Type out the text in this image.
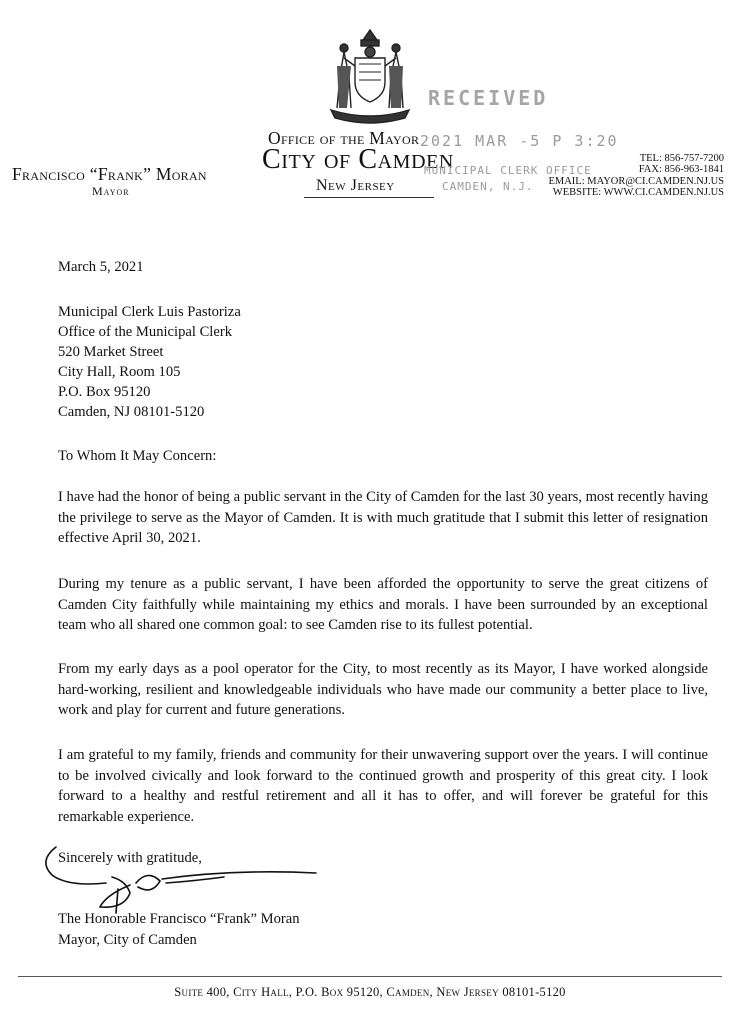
Office of the Mayor
City of Camden
New Jersey
Francisco “Frank” Moran
Mayor
TEL: 856-757-7200
FAX: 856-963-1841
EMAIL: MAYOR@CI.CAMDEN.NJ.US
WEBSITE: WWW.CI.CAMDEN.NJ.US
RECEIVED
2021 MAR -5 P 3:20
MUNICIPAL CLERK OFFICE
CAMDEN, N.J.
March 5, 2021
Municipal Clerk Luis Pastoriza
Office of the Municipal Clerk
520 Market Street
City Hall, Room 105
P.O. Box 95120
Camden, NJ 08101-5120
To Whom It May Concern:
I have had the honor of being a public servant in the City of Camden for the last 30 years, most recently having the privilege to serve as the Mayor of Camden. It is with much gratitude that I submit this letter of resignation effective April 30, 2021.
During my tenure as a public servant, I have been afforded the opportunity to serve the great citizens of Camden City faithfully while maintaining my ethics and morals. I have been surrounded by an exceptional team who all shared one common goal: to see Camden rise to its fullest potential.
From my early days as a pool operator for the City, to most recently as its Mayor, I have worked alongside hard-working, resilient and knowledgeable individuals who have made our community a better place to live, work and play for current and future generations.
I am grateful to my family, friends and community for their unwavering support over the years. I will continue to be involved civically and look forward to the continued growth and prosperity of this great city. I look forward to a healthy and restful retirement and all it has to offer, and will forever be grateful for this remarkable experience.
Sincerely with gratitude,
The Honorable Francisco “Frank” Moran
Mayor, City of Camden
Suite 400, City Hall, P.O. Box 95120, Camden, New Jersey 08101-5120
